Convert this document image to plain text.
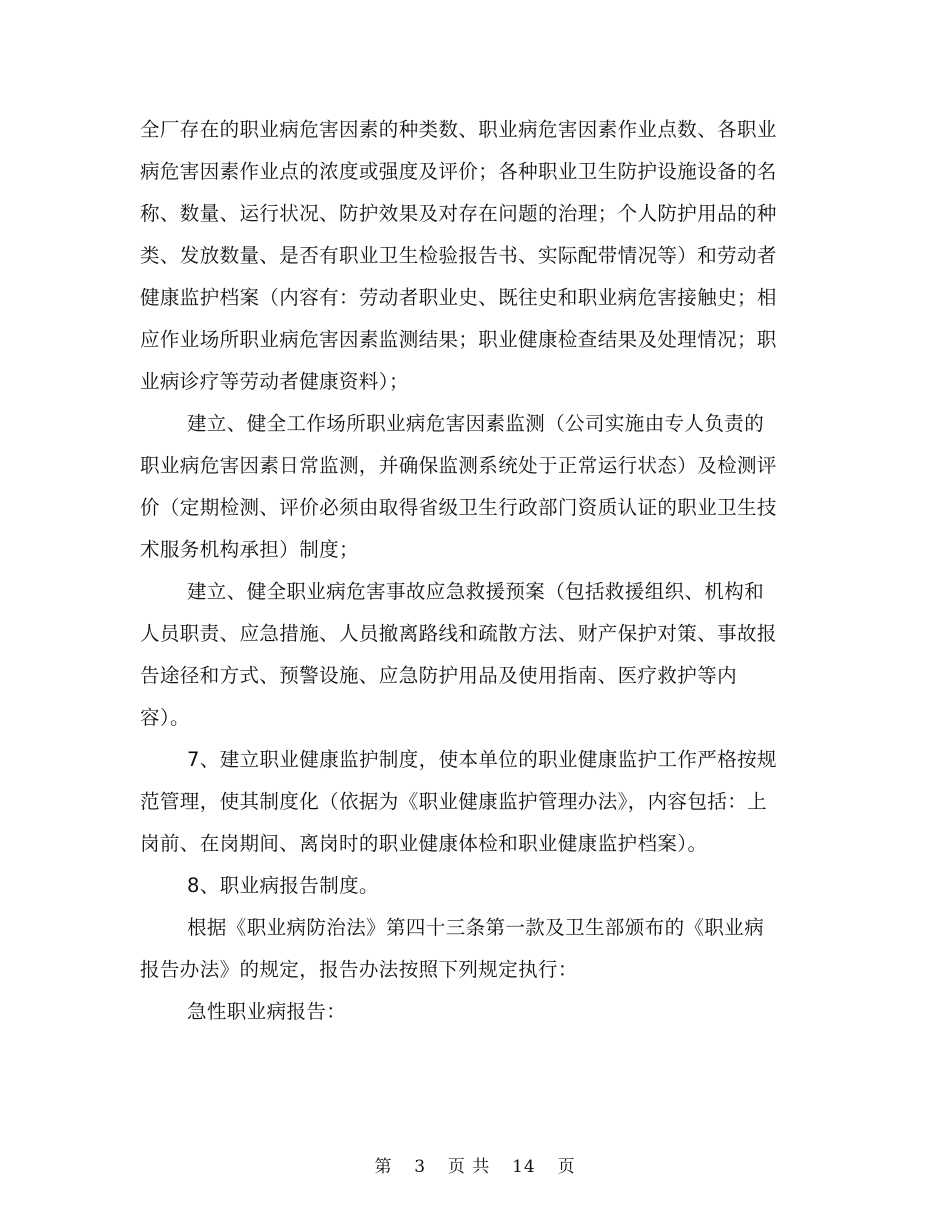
全厂存在的职业病危害因素的种类数、职业病危害因素作业点数、各职业病危害因素作业点的浓度或强度及评价；各种职业卫生防护设施设备的名称、数量、运行状况、防护效果及对存在问题的治理；个人防护用品的种类、发放数量、是否有职业卫生检验报告书、实际配带情况等）和劳动者健康监护档案（内容有：劳动者职业史、既往史和职业病危害接触史；相应作业场所职业病危害因素监测结果；职业健康检查结果及处理情况；职业病诊疗等劳动者健康资料）；

建立、健全工作场所职业病危害因素监测（公司实施由专人负责的职业病危害因素日常监测，并确保监测系统处于正常运行状态）及检测评价（定期检测、评价必须由取得省级卫生行政部门资质认证的职业卫生技术服务机构承担）制度；

建立、健全职业病危害事故应急救援预案（包括救援组织、机构和人员职责、应急措施、人员撤离路线和疏散方法、财产保护对策、事故报告途径和方式、预警设施、应急防护用品及使用指南、医疗救护等内容）。

7、建立职业健康监护制度，使本单位的职业健康监护工作严格按规范管理，使其制度化（依据为《职业健康监护管理办法》，内容包括：上岗前、在岗期间、离岗时的职业健康体检和职业健康监护档案）。

8、职业病报告制度。

根据《职业病防治法》第四十三条第一款及卫生部颁布的《职业病报告办法》的规定，报告办法按照下列规定执行：

急性职业病报告：

第 3 页 共 14 页
